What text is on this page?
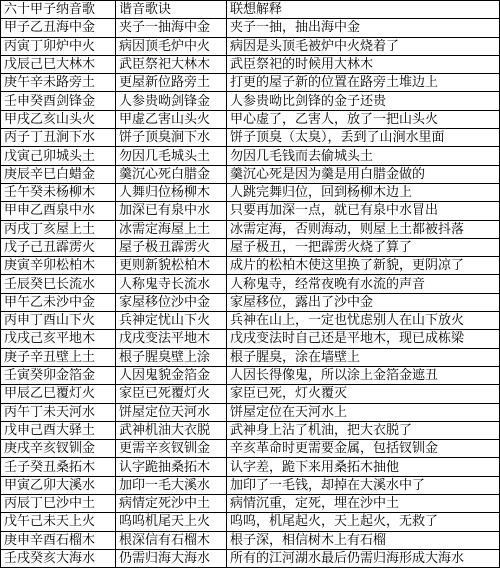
六十甲子纳音歌	谐音歌诀	联想解释
甲子乙丑海中金	夹子一抽海中金	夹子一抽，抽出海中金
丙寅丁卯炉中火	病因顶毛炉中火	病因是头顶毛被炉中火烧着了
戊辰己巳大林木	武臣祭祀大林木	武臣祭祀的时候用大林木
庚午辛未路旁土	更屋新位路旁土	打更的屋子新的位置在路旁土堆边上
壬申癸酉剑锋金	人参贵呦剑锋金	人参贵呦比剑锋的金子还贵
甲戌乙亥山头火	甲虚乙害山头火	甲心虚了，乙害人，放了一把山头火
丙子丁丑涧下水	饼子顶臭涧下水	饼子顶臭（太臭），丢到了山涧水里面
戊寅己卯城头土	勿因几毛城头土	勿因几毛钱而去偷城头土
庚辰辛巳白蜡金	羹沉心死白腊金	羹沉心死是因为羹是用白腊金做的
壬午癸未杨柳木	人舞归位杨柳木	人跳完舞归位，回到杨柳木边上
甲申乙酉泉中水	加深已有泉中水	只要再加深一点，就已有泉中水冒出
丙戌丁亥屋上土	冰需定海屋上土	冰需定海，否则海动，则屋上土都被抖落
戊子己丑霹雳火	屋子极丑霹雳火	屋子极丑，一把霹雳火烧了算了
庚寅辛卯松柏木	更则新貌松柏木	成片的松柏木使这里换了新貌，更阴凉了
壬辰癸巳长流水	人称鬼寺长流水	人称鬼寺，经常夜晚有水流的声音
甲午乙未沙中金	家屋移位沙中金	家屋移位，露出了沙中金
丙申丁酉山下火	兵神定忧山下火	兵神在山上，一定也忧虑别人在山下放火
戊戌己亥平地木	戊戌变法平地木	戊戌变法时自己还是平地木，现已成栋梁
庚子辛丑壁上土	根子腥臭壁上涂	根子腥臭，涂在墙壁上
壬寅癸卯金箔金	人因鬼貌金箔金	人因长得像鬼，所以涂上金箔金遮丑
甲辰乙巳覆灯火	家臣已死覆灯火	家臣已死，灯火覆灭
丙午丁未天河水	饼屋定位天河水	饼屋定位在天河水上
戊申己酉大驿土	武神机油大衣脱	武神身上沾了机油，把大衣脱了
庚戌辛亥钗钏金	更需辛亥钗钏金	辛亥革命时更需要金属，包括钗钏金
壬子癸丑桑拓木	认字跪抽桑拓木	认字差，跪下来用桑拓木抽他
甲寅乙卯大溪水	加印一毛大溪水	加印了一毛钱，却掉在大溪水中了
丙辰丁巳沙中土	病情定死沙中土	病情沉重，定死，埋在沙中土
戊午己未天上火	呜呜机尾天上火	呜呜，机尾起火，天上起火，无救了
庚申辛酉石榴木	根深信有石榴木	根子深，相信树木上有石榴
壬戌癸亥大海水	仍需归海大海水	所有的江河湖水最后仍需归海形成大海水
